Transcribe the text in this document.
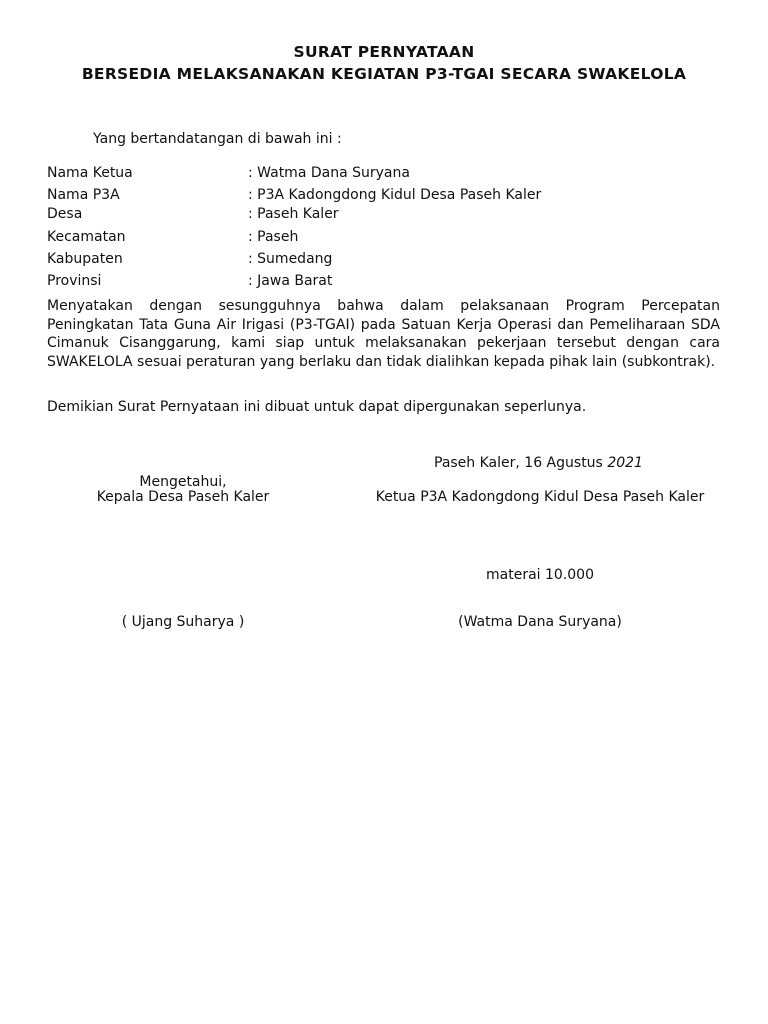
SURAT PERNYATAAN
BERSEDIA MELAKSANAKAN KEGIATAN P3-TGAI SECARA SWAKELOLA
Yang bertandatangan di bawah ini :
Nama Ketua	: Watma Dana Suryana
Nama P3A	: P3A Kadongdong Kidul Desa Paseh Kaler
Desa	: Paseh Kaler
Kecamatan	: Paseh
Kabupaten	: Sumedang
Provinsi	: Jawa Barat
Menyatakan dengan sesungguhnya bahwa dalam pelaksanaan Program Percepatan Peningkatan Tata Guna Air Irigasi (P3-TGAI) pada Satuan Kerja Operasi dan Pemeliharaan SDA Cimanuk Cisanggarung, kami siap untuk melaksanakan pekerjaan tersebut dengan cara SWAKELOLA sesuai peraturan yang berlaku dan tidak dialihkan kepada pihak lain (subkontrak).
Demikian Surat Pernyataan ini dibuat untuk dapat dipergunakan seperlunya.
Paseh Kaler, 16 Agustus 2021
Mengetahui,
Kepala Desa Paseh Kaler
( Ujang Suharya )
Ketua P3A Kadongdong Kidul Desa Paseh Kaler
materai 10.000
(Watma Dana Suryana)
